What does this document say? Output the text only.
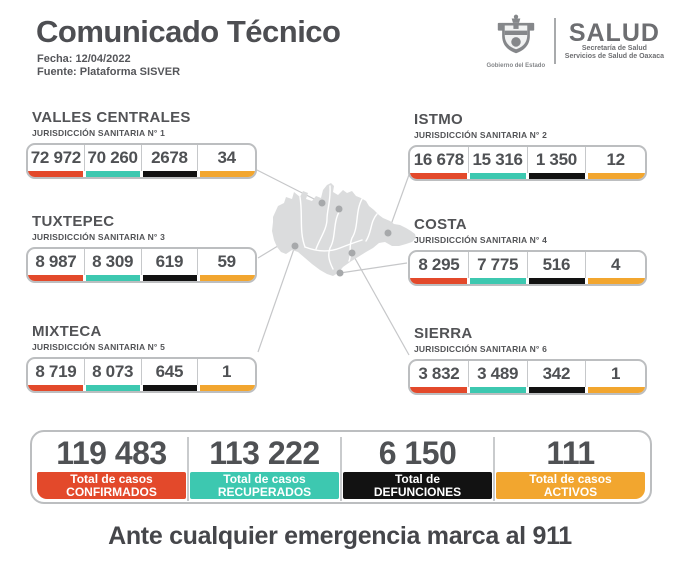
Comunicado Técnico
Fecha: 12/04/2022
Fuente: Plataforma SISVER	Gobierno del Estado
SALUD
Secretaría de Salud
Servicios de Salud de Oaxaca
VALLES CENTRALES
JURISDICCIÓN SANITARIA N° 1
72 972 70 260 2678	34
ISTMO
JURISDICCIÓN SANITARIA N° 2
16 678 15 316 1 350	12
TUXTEPEC
JURISDICCIÓN SANITARIA N° 3
8 987 8 309	619	59
COSTA
JURISDICCIÓN SANITARIA N° 4
8 295	7 775	516	4
MIXTECA
JURISDICCIÓN SANITARIA N° 5
8 719 8 073	645	1
SIERRA
JURISDICCIÓN SANITARIA N° 6
3 832	3 489	342	1
119 483
Total de casos
CONFIRMADOS
113 222
Total de casos
RECUPERADOS
6 150
Total de
DEFUNCIONES
111
Total de casos
ACTIVOS
Ante cualquier emergencia marca al 911
